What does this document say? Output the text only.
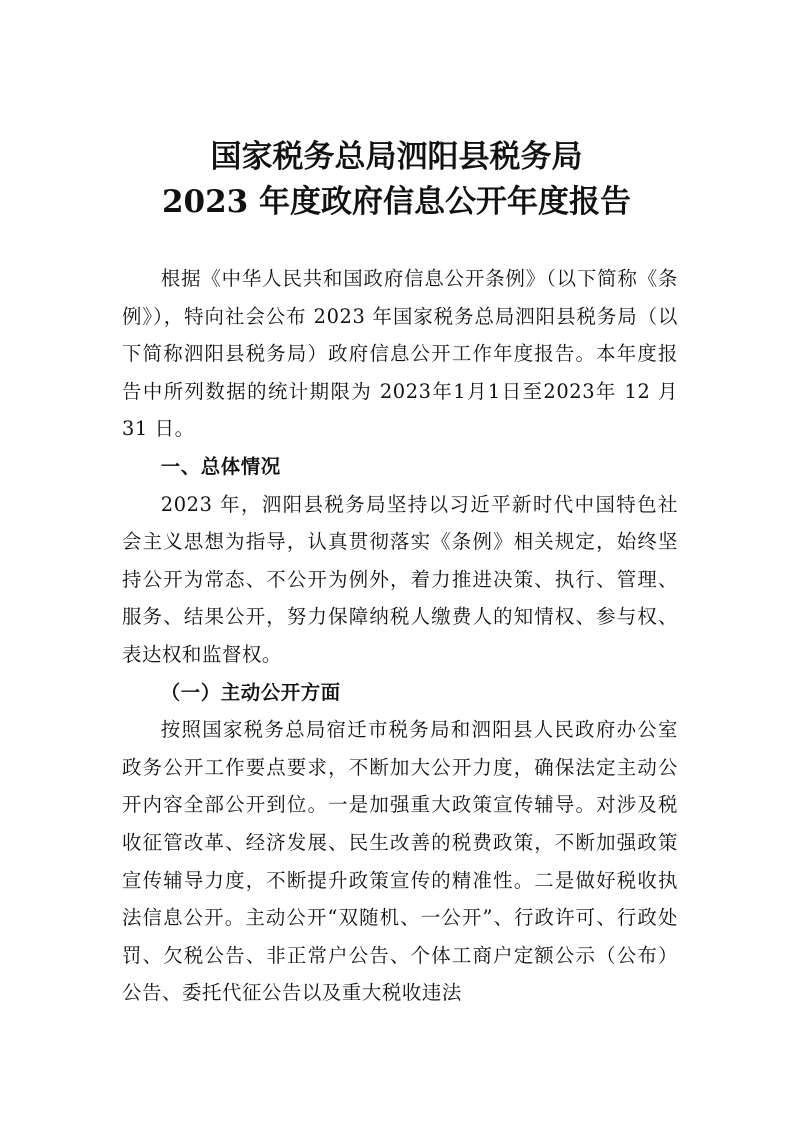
国家税务总局泗阳县税务局
2023 年度政府信息公开年度报告

根据《中华人民共和国政府信息公开条例》（以下简称《条例》），特向社会公布 2023 年国家税务总局泗阳县税务局（以下简称泗阳县税务局）政府信息公开工作年度报告。本年度报告中所列数据的统计期限为 2023年1月1日至2023年 12 月 31 日。

一、总体情况

2023 年，泗阳县税务局坚持以习近平新时代中国特色社会主义思想为指导，认真贯彻落实《条例》相关规定，始终坚持公开为常态、不公开为例外，着力推进决策、执行、管理、服务、结果公开，努力保障纳税人缴费人的知情权、参与权、表达权和监督权。

（一）主动公开方面

按照国家税务总局宿迁市税务局和泗阳县人民政府办公室政务公开工作要点要求，不断加大公开力度，确保法定主动公开内容全部公开到位。一是加强重大政策宣传辅导。对涉及税收征管改革、经济发展、民生改善的税费政策，不断加强政策宣传辅导力度，不断提升政策宣传的精准性。二是做好税收执法信息公开。主动公开“双随机、一公开”、行政许可、行政处罚、欠税公告、非正常户公告、个体工商户定额公示（公布）公告、委托代征公告以及重大税收违法
